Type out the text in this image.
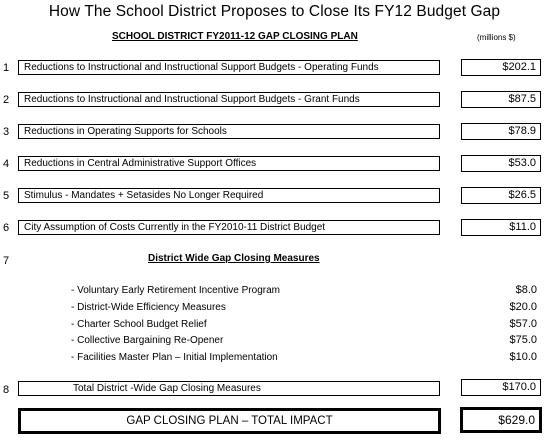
How The School District Proposes to Close Its FY12 Budget Gap
SCHOOL DISTRICT FY2011-12 GAP CLOSING PLAN	(millions $)
1	Reductions to Instructional and Instructional Support Budgets - Operating Funds	$202.1
2	Reductions to Instructional and Instructional Support Budgets - Grant Funds	$87.5
3	Reductions in Operating Supports for Schools	$78.9
4	Reductions in Central Administrative Support Offices	$53.0
5	Stimulus - Mandates + Setasides No Longer Required	$26.5
6	City Assumption of Costs Currently in the FY2010-11 District Budget	$11.0
7	District Wide Gap Closing Measures
- Voluntary Early Retirement Incentive Program	$8.0
- District-Wide Efficiency Measures	$20.0
- Charter School Budget Relief	$57.0
- Collective Bargaining Re-Opener	$75.0
- Facilities Master Plan – Initial Implementation	$10.0
8	Total District -Wide Gap Closing Measures	$170.0
GAP CLOSING PLAN – TOTAL IMPACT	$629.0
